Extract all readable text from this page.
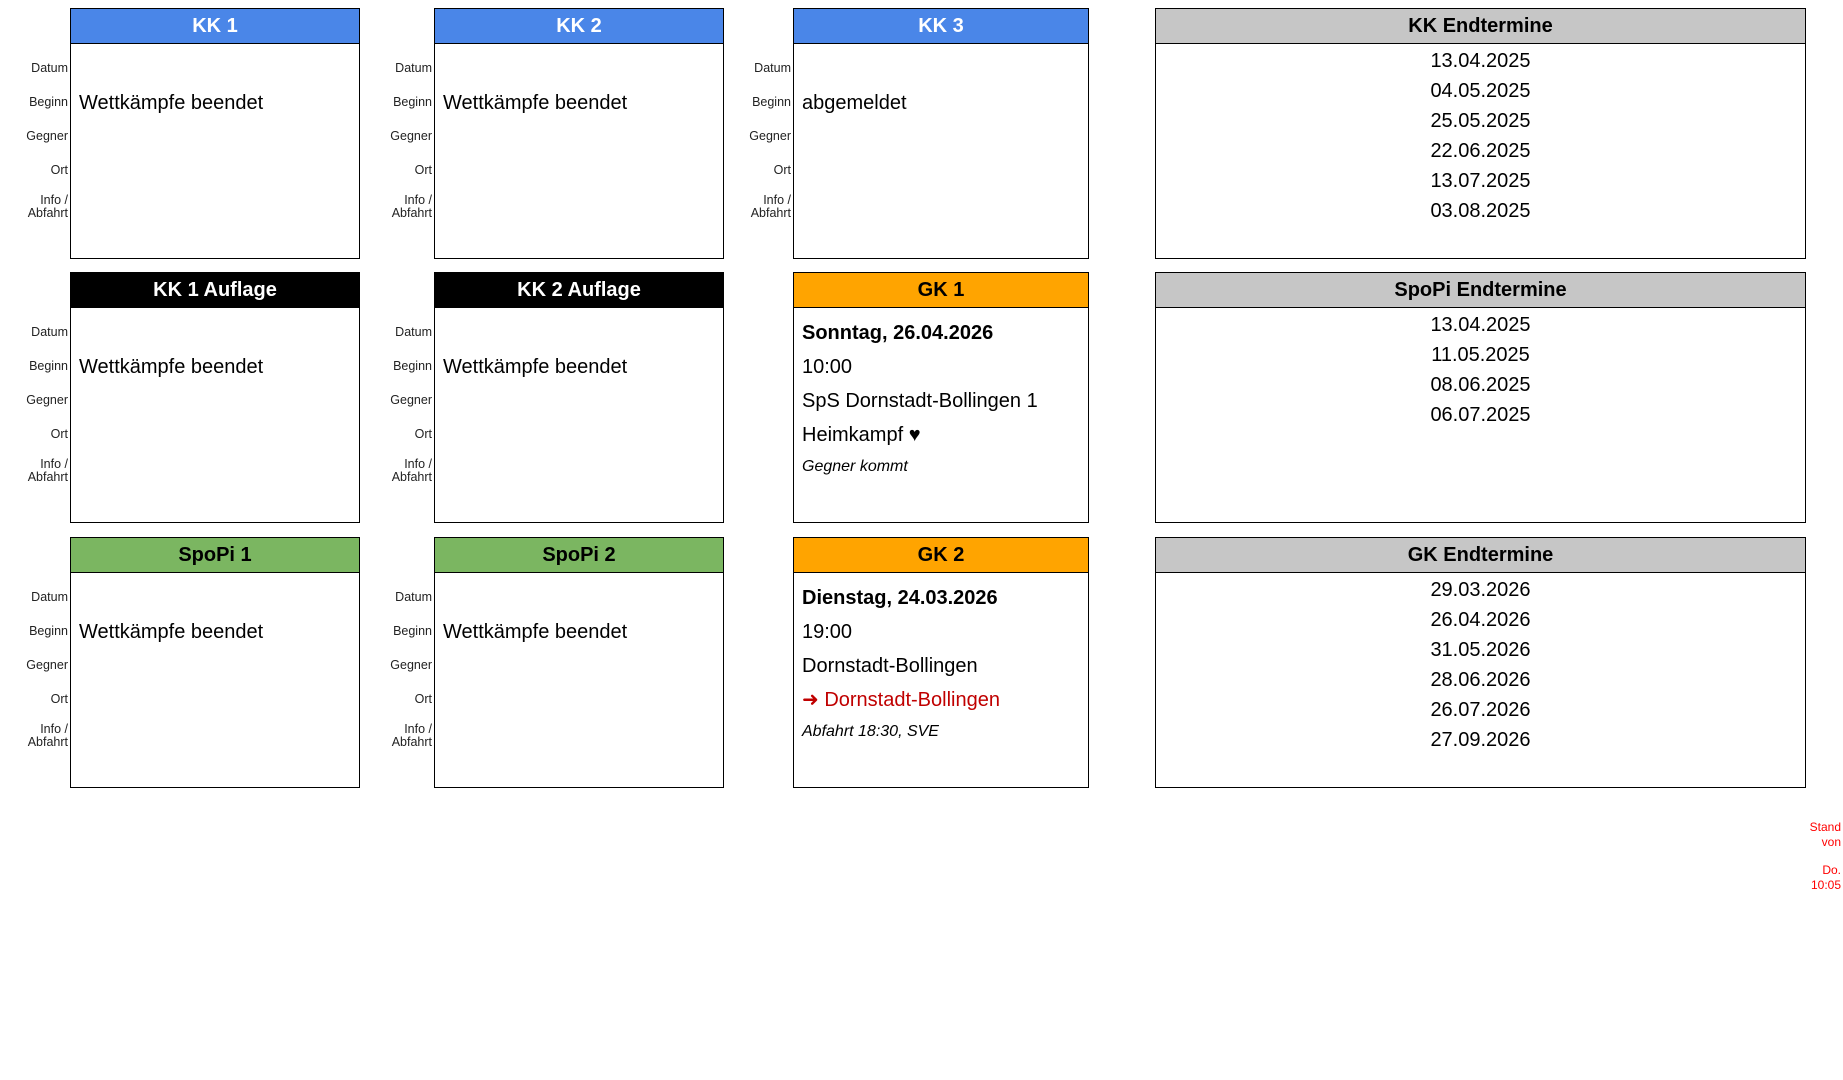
KK 1
Datum
Beginn
Gegner
Ort
Info /
Abfahrt
Wettkämpfe beendet
KK 1 Auflage
Datum
Beginn
Gegner
Ort
Info /
Abfahrt
Wettkämpfe beendet
SpoPi 1
Datum
Beginn
Gegner
Ort
Info /
Abfahrt
Wettkämpfe beendet
KK 2
Datum
Beginn
Gegner
Ort
Info /
Abfahrt
Wettkämpfe beendet
KK 2 Auflage
Datum
Beginn
Gegner
Ort
Info /
Abfahrt
Wettkämpfe beendet
SpoPi 2
Datum
Beginn
Gegner
Ort
Info /
Abfahrt
Wettkämpfe beendet
KK 3
Datum
Beginn
Gegner
Ort
Info /
Abfahrt
abgemeldet
GK 1
Sonntag, 26.04.2026
10:00
SpS Dornstadt-Bollingen 1
Heimkampf ♥
Gegner kommt
GK 2
Dienstag, 24.03.2026
19:00
Dornstadt-Bollingen
➜ Dornstadt-Bollingen
Abfahrt 18:30, SVE
KK Endtermine
13.04.2025
04.05.2025
25.05.2025
22.06.2025
13.07.2025
03.08.2025
SpoPi Endtermine
13.04.2025
11.05.2025
08.06.2025
06.07.2025
GK Endtermine
29.03.2026
26.04.2026
31.05.2026
28.06.2026
26.07.2026
27.09.2026
Stand
von
Do.
10:05
